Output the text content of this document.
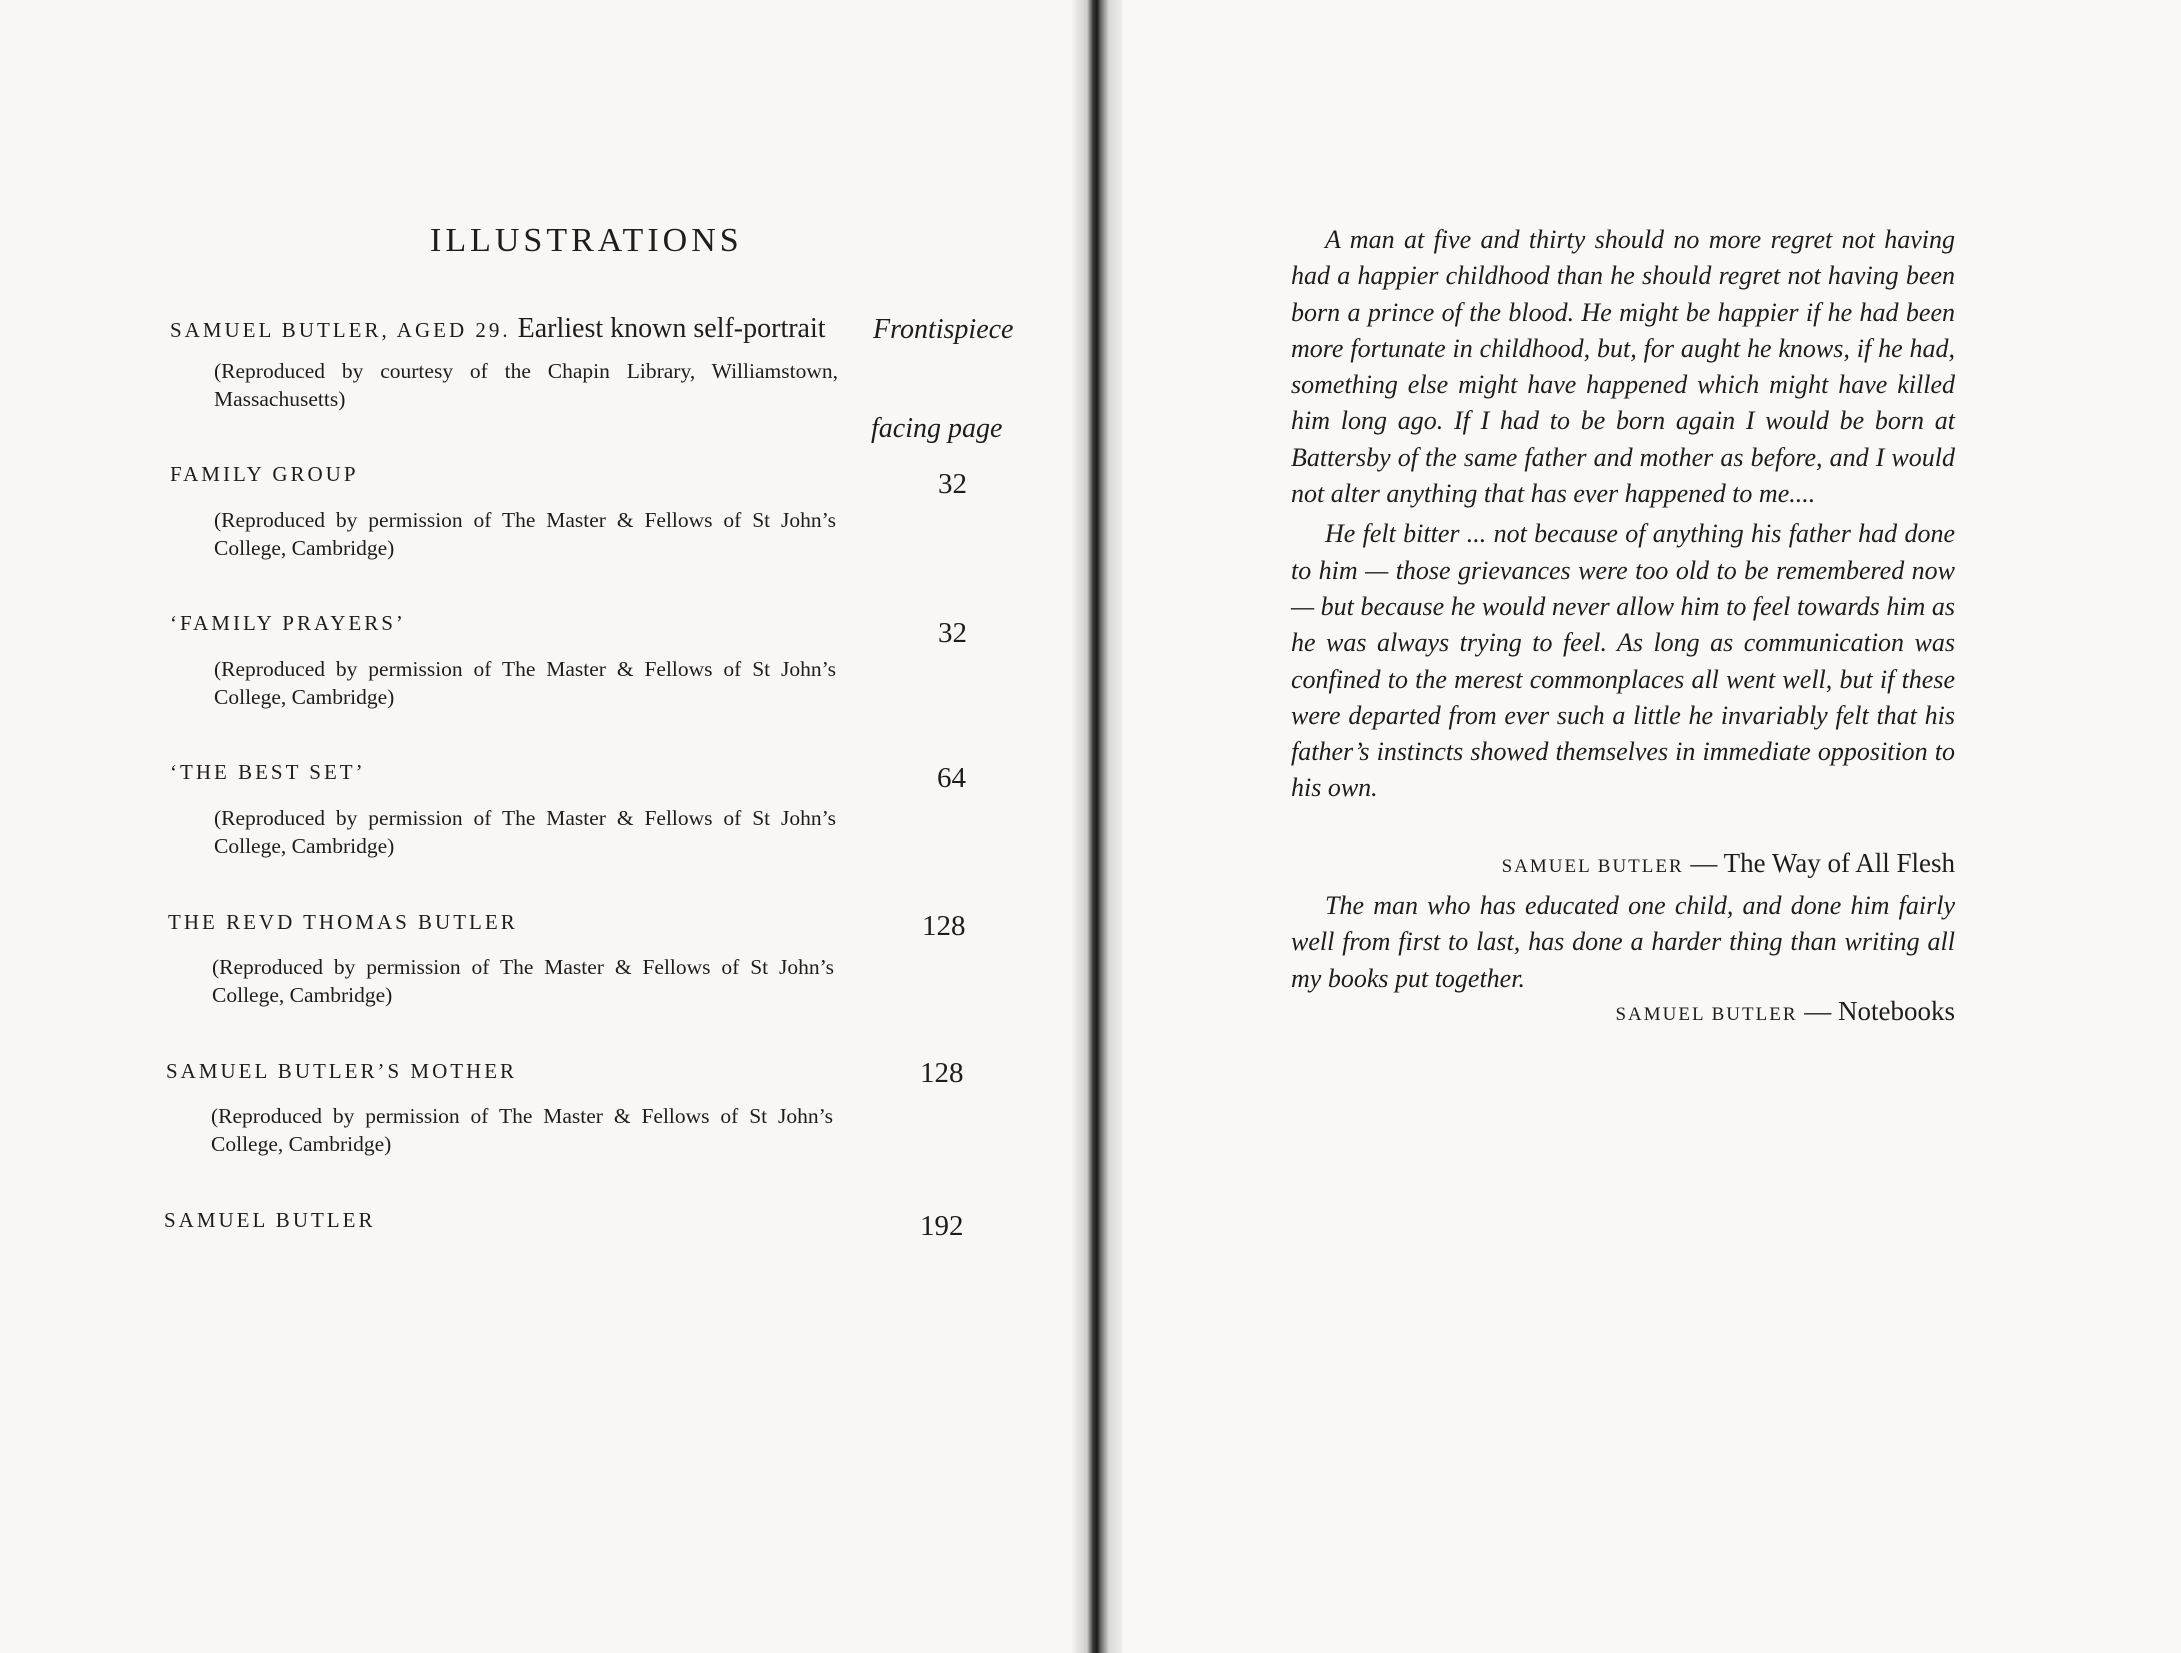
ILLUSTRATIONS
SAMUEL BUTLER, AGED 29. Earliest known self-portrait Frontispiece
(Reproduced by courtesy of the Chapin Library, Williamstown, Massachusetts)
facing page
FAMILY GROUP	32
(Reproduced by permission of The Master & Fellows of St John’s College, Cambridge)
‘FAMILY PRAYERS’	32
(Reproduced by permission of The Master & Fellows of St John’s College, Cambridge)
‘THE BEST SET’	64
(Reproduced by permission of The Master & Fellows of St John’s College, Cambridge)
THE REVD THOMAS BUTLER	128
(Reproduced by permission of The Master & Fellows of St John’s College, Cambridge)
SAMUEL BUTLER’S MOTHER	128
(Reproduced by permission of The Master & Fellows of St John’s College, Cambridge)
SAMUEL BUTLER	192

A man at five and thirty should no more regret not having had a happier childhood than he should regret not having been born a prince of the blood. He might be happier if he had been more fortunate in childhood, but, for aught he knows, if he had, something else might have happened which might have killed him long ago. If I had to be born again I would be born at Battersby of the same father and mother as before, and I would not alter anything that has ever happened to me....

He felt bitter ... not because of anything his father had done to him — those grievances were too old to be remembered now — but because he would never allow him to feel towards him as he was always trying to feel. As long as communication was confined to the merest commonplaces all went well, but if these were departed from ever such a little he invariably felt that his father’s instincts showed themselves in immediate opposition to his own.

SAMUEL BUTLER — The Way of All Flesh

The man who has educated one child, and done him fairly well from first to last, has done a harder thing than writing all my books put together.

SAMUEL BUTLER — Notebooks
